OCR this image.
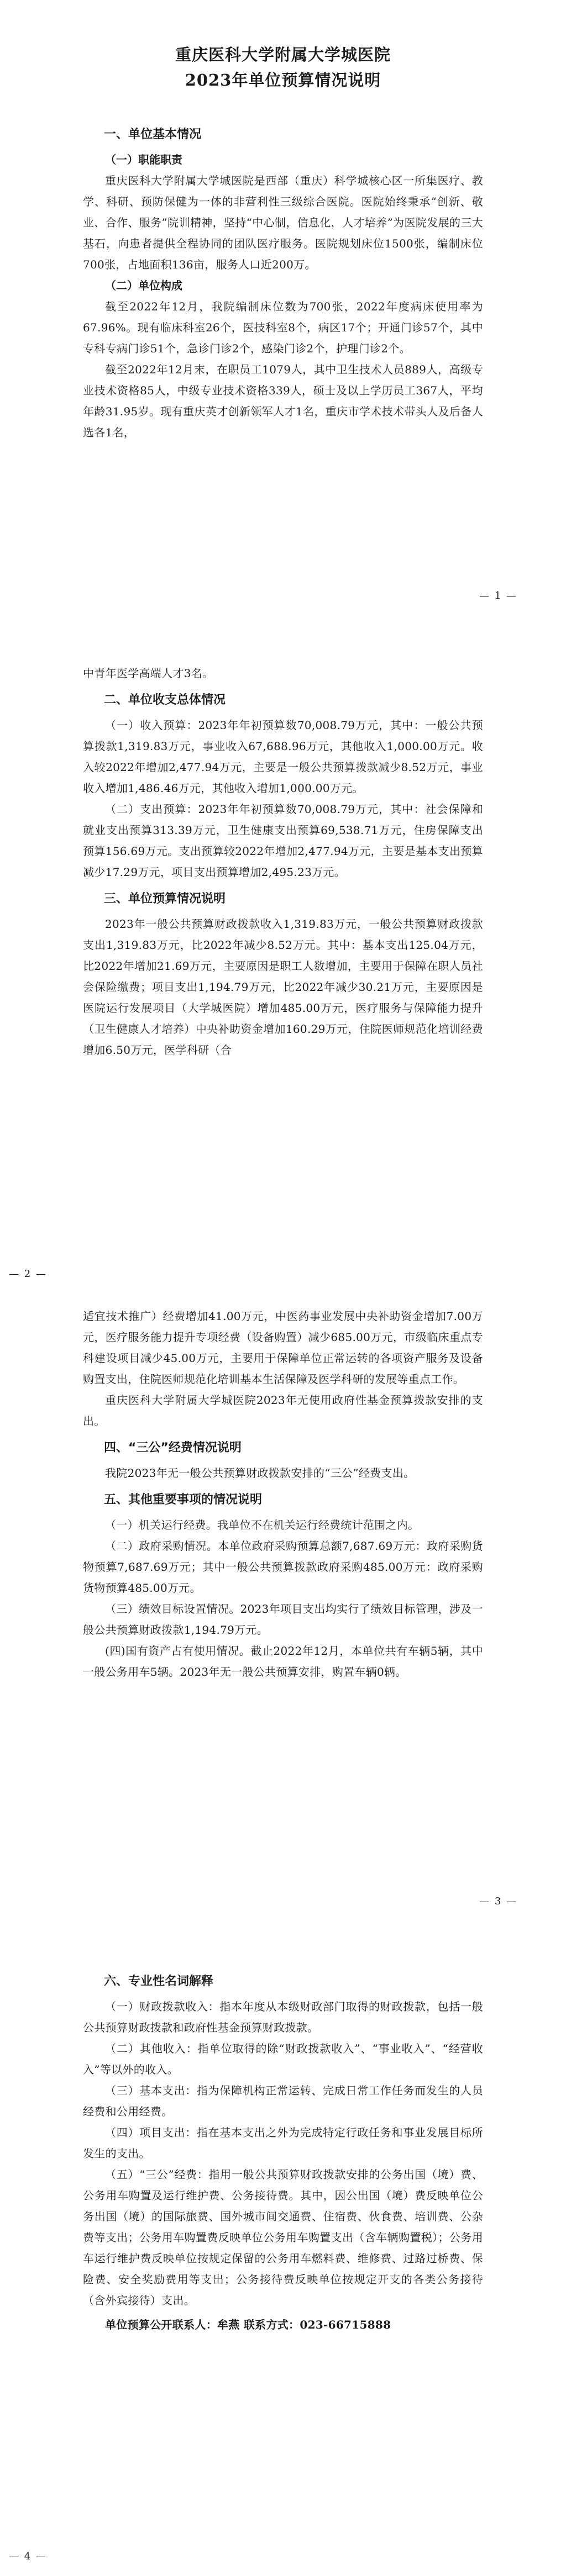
重庆医科大学附属大学城医院
2023年单位预算情况说明
一、单位基本情况

（一）职能职责

重庆医科大学附属大学城医院是西部（重庆）科学城核心区一所集医疗、教学、科研、预防保健为一体的非营利性三级综合医院。医院始终秉承“创新、敬业、合作、服务”院训精神，坚持“中心制，信息化，人才培养”为医院发展的三大基石，向患者提供全程协同的团队医疗服务。医院规划床位1500张，编制床位700张，占地面积136亩，服务人口近200万。

（二）单位构成

截至2022年12月，我院编制床位数为700张，2022年度病床使用率为67.96%。现有临床科室26个，医技科室8个，病区17个；开通门诊57个，其中专科专病门诊51个，急诊门诊2个，感染门诊2个，护理门诊2个。

截至2022年12月末，在职员工1079人，其中卫生技术人员889人，高级专业技术资格85人，中级专业技术资格339人，硕士及以上学历员工367人，平均年龄31.95岁。现有重庆英才创新领军人才1名，重庆市学术技术带头人及后备人选各1名，

— 1 —

中青年医学高端人才3名。

二、单位收支总体情况

（一）收入预算：2023年年初预算数70,008.79万元，其中：一般公共预算拨款1,319.83万元，事业收入67,688.96万元，其他收入1,000.00万元。收入较2022年增加2,477.94万元，主要是一般公共预算拨款减少8.52万元，事业收入增加1,486.46万元，其他收入增加1,000.00万元。

（二）支出预算：2023年年初预算数70,008.79万元，其中：社会保障和就业支出预算313.39万元，卫生健康支出预算69,538.71万元，住房保障支出预算156.69万元。支出预算较2022年增加2,477.94万元，主要是基本支出预算减少17.29万元，项目支出预算增加2,495.23万元。

三、单位预算情况说明

2023年一般公共预算财政拨款收入1,319.83万元，一般公共预算财政拨款支出1,319.83万元，比2022年减少8.52万元。其中：基本支出125.04万元，比2022年增加21.69万元，主要原因是职工人数增加，主要用于保障在职人员社会保险缴费；项目支出1,194.79万元，比2022年减少30.21万元，主要原因是医院运行发展项目（大学城医院）增加485.00万元，医疗服务与保障能力提升（卫生健康人才培养）中央补助资金增加160.29万元，住院医师规范化培训经费增加6.50万元，医学科研（合

— 2 —

适宜技术推广）经费增加41.00万元，中医药事业发展中央补助资金增加7.00万元，医疗服务能力提升专项经费（设备购置）减少685.00万元，市级临床重点专科建设项目减少45.00万元，主要用于保障单位正常运转的各项资产服务及设备购置支出，住院医师规范化培训基本生活保障及医学科研的发展等重点工作。

重庆医科大学附属大学城医院2023年无使用政府性基金预算拨款安排的支出。

四、“三公”经费情况说明

我院2023年无一般公共预算财政拨款安排的“三公”经费支出。

五、其他重要事项的情况说明

（一）机关运行经费。我单位不在机关运行经费统计范围之内。

（二）政府采购情况。本单位政府采购预算总额7,687.69万元：政府采购货物预算7,687.69万元；其中一般公共预算拨款政府采购485.00万元：政府采购货物预算485.00万元。

（三）绩效目标设置情况。2023年项目支出均实行了绩效目标管理，涉及一般公共预算财政拨款1,194.79万元。

(四)国有资产占有使用情况。截止2022年12月，本单位共有车辆5辆，其中一般公务用车5辆。2023年无一般公共预算安排，购置车辆0辆。

— 3 —
六、专业性名词解释

（一）财政拨款收入：指本年度从本级财政部门取得的财政拨款，包括一般公共预算财政拨款和政府性基金预算财政拨款。

（二）其他收入：指单位取得的除“财政拨款收入”、“事业收入”、“经营收入”等以外的收入。

（三）基本支出：指为保障机构正常运转、完成日常工作任务而发生的人员经费和公用经费。

（四）项目支出：指在基本支出之外为完成特定行政任务和事业发展目标所发生的支出。

（五）“三公”经费：指用一般公共预算财政拨款安排的公务出国（境）费、公务用车购置及运行维护费、公务接待费。其中，因公出国（境）费反映单位公务出国（境）的国际旅费、国外城市间交通费、住宿费、伙食费、培训费、公杂费等支出；公务用车购置费反映单位公务用车购置支出（含车辆购置税）；公务用车运行维护费反映单位按规定保留的公务用车燃料费、维修费、过路过桥费、保险费、安全奖励费用等支出；公务接待费反映单位按规定开支的各类公务接待（含外宾接待）支出。

单位预算公开联系人：牟燕 联系方式：023-66715888

— 4 —
